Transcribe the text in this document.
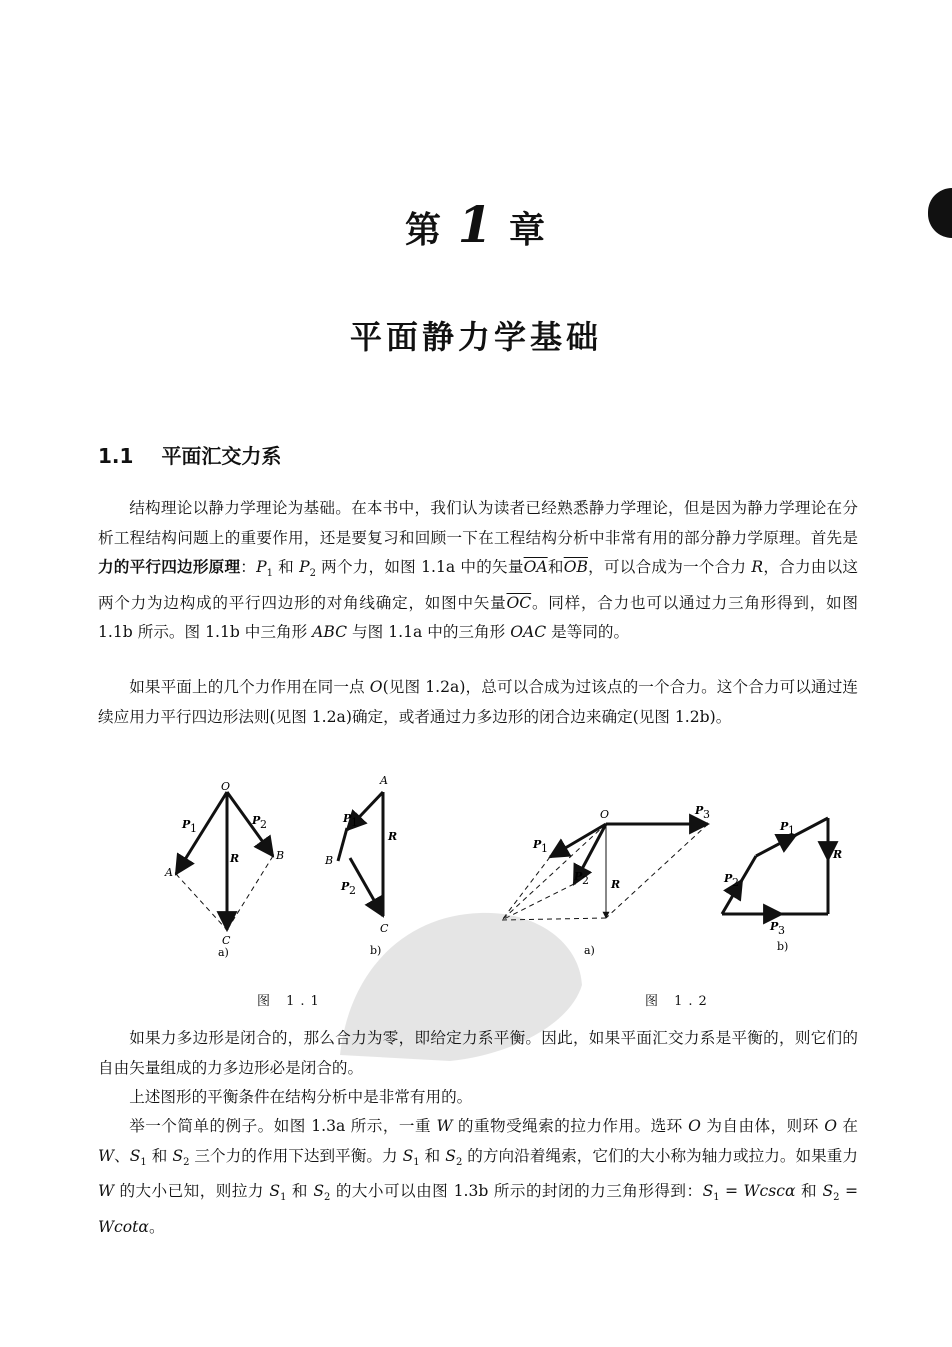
第 1 章
平面静力学基础
1.1 平面汇交力系
结构理论以静力学理论为基础。在本书中，我们认为读者已经熟悉静力学理论，但是因为静力学理论在分析工程结构问题上的重要作用，还是要复习和回顾一下在工程结构分析中非常有用的部分静力学原理。首先是力的平行四边形原理：$P_1$ 和 $P_2$ 两个力，如图 1.1a 中的矢量$\overline{OA}$和$\overline{OB}$，可以合成为一个合力 R，合力由以这两个力为边构成的平行四边形的对角线确定，如图中矢量$\overline{OC}$。同样，合力也可以通过力三角形得到，如图 1.1b 所示。图 1.1b 中三角形 ABC 与图 1.1a 中的三角形 OAC 是等同的。
如果平面上的几个力作用在同一点 O(见图 1.2a)，总可以合成为过该点的一个合力。这个合力可以通过连续应用力平行四边形法则(见图 1.2a)确定，或者通过力多边形的闭合边来确定(见图 1.2b)。
O
A
B
C
P 1
P 2
R
a)
A
B
C
P 1
P 2
R
b)
图 1.1
O
P 1
P 2
P 3
R
a)
P 1
P 2
P 3
R
b)
图 1.2
如果力多边形是闭合的，那么合力为零，即给定力系平衡。因此，如果平面汇交力系是平衡的，则它们的自由矢量组成的力多边形必是闭合的。
上述图形的平衡条件在结构分析中是非常有用的。
举一个简单的例子。如图 1.3a 所示，一重 W 的重物受绳索的拉力作用。选环 O 为自由体，则环 O 在 W、$S_1$ 和 $S_2$ 三个力的作用下达到平衡。力 $S_1$ 和 $S_2$ 的方向沿着绳索，它们的大小称为轴力或拉力。如果重力 W 的大小已知，则拉力 $S_1$ 和 $S_2$ 的大小可以由图 1.3b 所示的封闭的力三角形得到：$S_1 = Wcsc\alpha$ 和 $S_2 = Wcot\alpha$。
